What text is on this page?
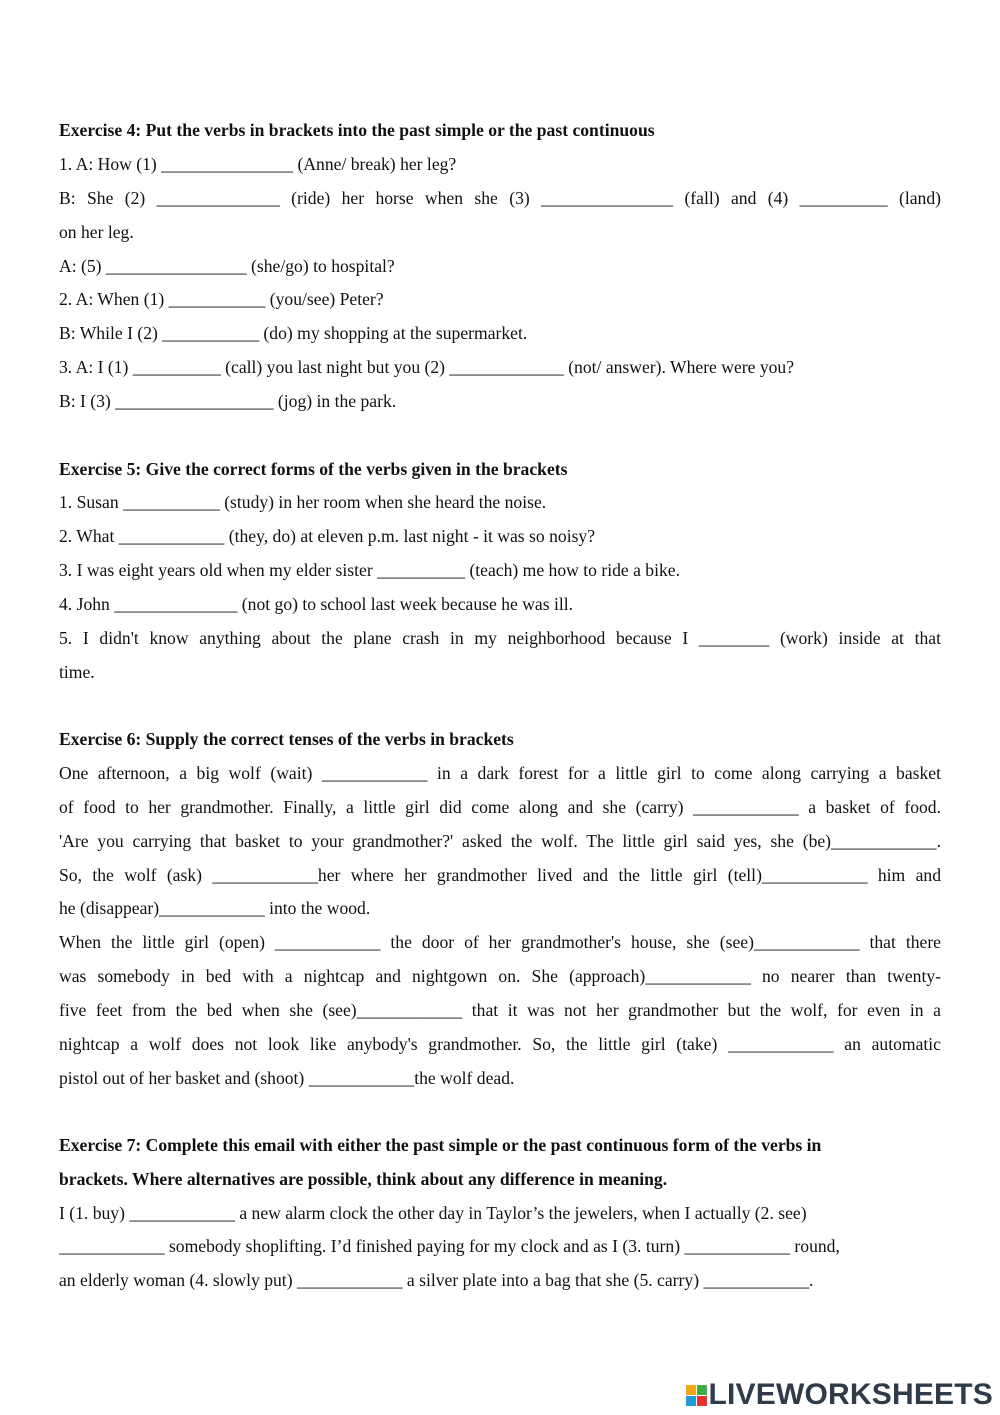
Exercise 4: Put the verbs in brackets into the past simple or the past continuous
1. A: How (1) _______________ (Anne/ break) her leg?
B: She (2) ______________ (ride) her horse when she (3) _______________ (fall) and (4) __________ (land)
on her leg.
A: (5) ________________ (she/go) to hospital?
2. A: When (1) ___________ (you/see) Peter?
B: While I (2) ___________ (do) my shopping at the supermarket.
3. A: I (1) __________ (call) you last night but you (2) _____________ (not/ answer). Where were you?
B: I (3) __________________ (jog) in the park.
Exercise 5: Give the correct forms of the verbs given in the brackets
1. Susan ___________ (study) in her room when she heard the noise.
2. What ____________ (they, do) at eleven p.m. last night - it was so noisy?
3. I was eight years old when my elder sister __________ (teach) me how to ride a bike.
4. John ______________ (not go) to school last week because he was ill.
5. I didn't know anything about the plane crash in my neighborhood because I ________ (work) inside at that
time.
Exercise 6: Supply the correct tenses of the verbs in brackets
One afternoon, a big wolf (wait) ____________ in a dark forest for a little girl to come along carrying a basket
of food to her grandmother. Finally, a little girl did come along and she (carry) ____________ a basket of food.
'Are you carrying that basket to your grandmother?' asked the wolf. The little girl said yes, she (be)____________.
So, the wolf (ask) ____________her where her grandmother lived and the little girl (tell)____________ him and
he (disappear)____________ into the wood.
When the little girl (open) ____________ the door of her grandmother's house, she (see)____________ that there
was somebody in bed with a nightcap and nightgown on. She (approach)____________ no nearer than twenty-
five feet from the bed when she (see)____________ that it was not her grandmother but the wolf, for even in a
nightcap a wolf does not look like anybody's grandmother. So, the little girl (take) ____________ an automatic
pistol out of her basket and (shoot) ____________the wolf dead.
Exercise 7: Complete this email with either the past simple or the past continuous form of the verbs in
brackets. Where alternatives are possible, think about any difference in meaning.
I (1. buy) ____________ a new alarm clock the other day in Taylor’s the jewelers, when I actually (2. see)
____________ somebody shoplifting. I’d finished paying for my clock and as I (3. turn) ____________ round,
an elderly woman (4. slowly put) ____________ a silver plate into a bag that she (5. carry) ____________.
LIVEWORKSHEETS
